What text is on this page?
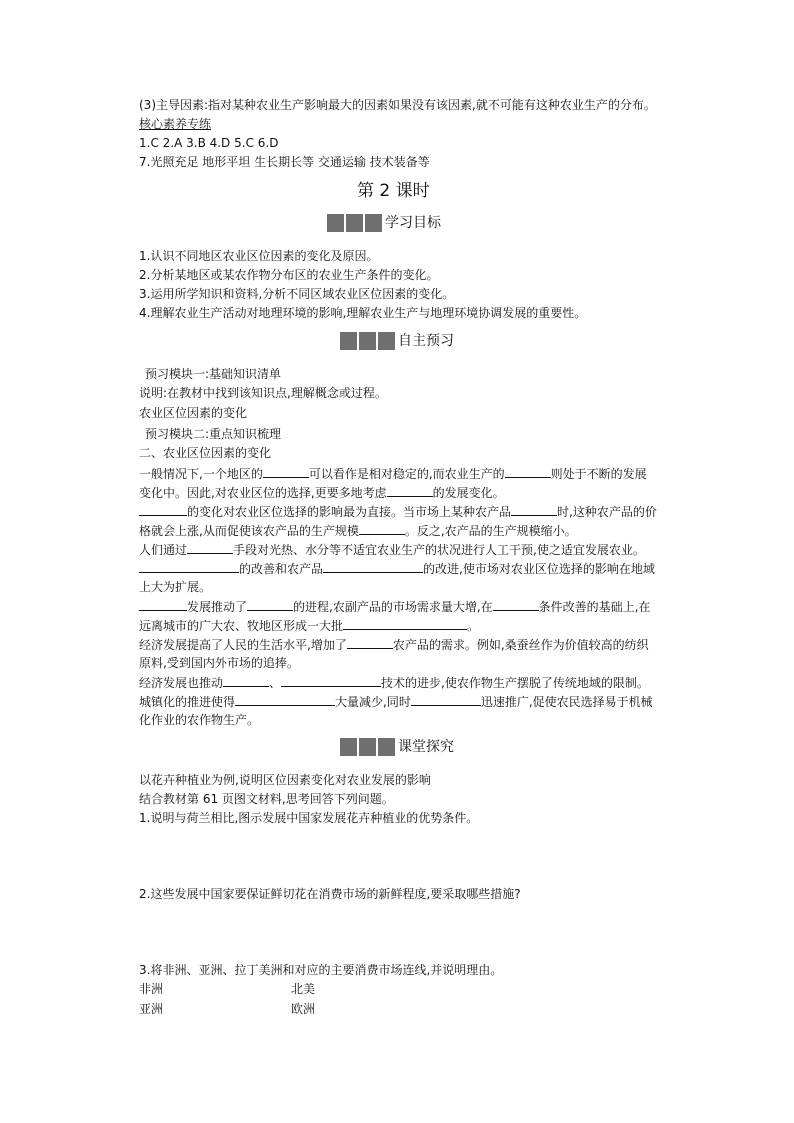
(3)主导因素:指对某种农业生产影响最大的因素如果没有该因素,就不可能有这种农业生产的分布。
核心素养专练
1.C 2.A 3.B 4.D 5.C 6.D
7.光照充足 地形平坦 生长期长等 交通运输 技术装备等
第 2 课时
学习目标
1.认识不同地区农业区位因素的变化及原因。
2.分析某地区或某农作物分布区的农业生产条件的变化。
3.运用所学知识和资料,分析不同区域农业区位因素的变化。
4.理解农业生产活动对地理环境的影响,理解农业生产与地理环境协调发展的重要性。
自主预习
预习模块一:基础知识清单
说明:在教材中找到该知识点,理解概念或过程。
农业区位因素的变化
预习模块二:重点知识梳理
二、农业区位因素的变化
一般情况下,一个地区的	可以看作是相对稳定的,而农业生产的	则处于不断的发展
变化中。因此,对农业区位的选择,更要多地考虑	的发展变化。
的变化对农业区位选择的影响最为直接。当市场上某种农产品	时,这种农产品的价
格就会上涨,从而促使该农产品的生产规模	。反之,农产品的生产规模缩小。
人们通过	手段对光热、水分等不适宜农业生产的状况进行人工干预,使之适宜发展农业。
的改善和农产品	的改进,使市场对农业区位选择的影响在地域
上大为扩展。
发展推动了	的进程,农副产品的市场需求量大增,在	条件改善的基础上,在
远离城市的广大农、牧地区形成一大批	。
经济发展提高了人民的生活水平,增加了	农产品的需求。例如,桑蚕丝作为价值较高的纺织
原料,受到国内外市场的追捧。
经济发展也推动	、	技术的进步,使农作物生产摆脱了传统地域的限制。
城镇化的推进使得	大量减少,同时	迅速推广,促使农民选择易于机械
化作业的农作物生产。
课堂探究
以花卉种植业为例,说明区位因素变化对农业发展的影响
结合教材第 61 页图文材料,思考回答下列问题。
1.说明与荷兰相比,图示发展中国家发展花卉种植业的优势条件。
2.这些发展中国家要保证鲜切花在消费市场的新鲜程度,要采取哪些措施?
3.将非洲、亚洲、拉丁美洲和对应的主要消费市场连线,并说明理由。
非洲	北美
亚洲	欧洲
